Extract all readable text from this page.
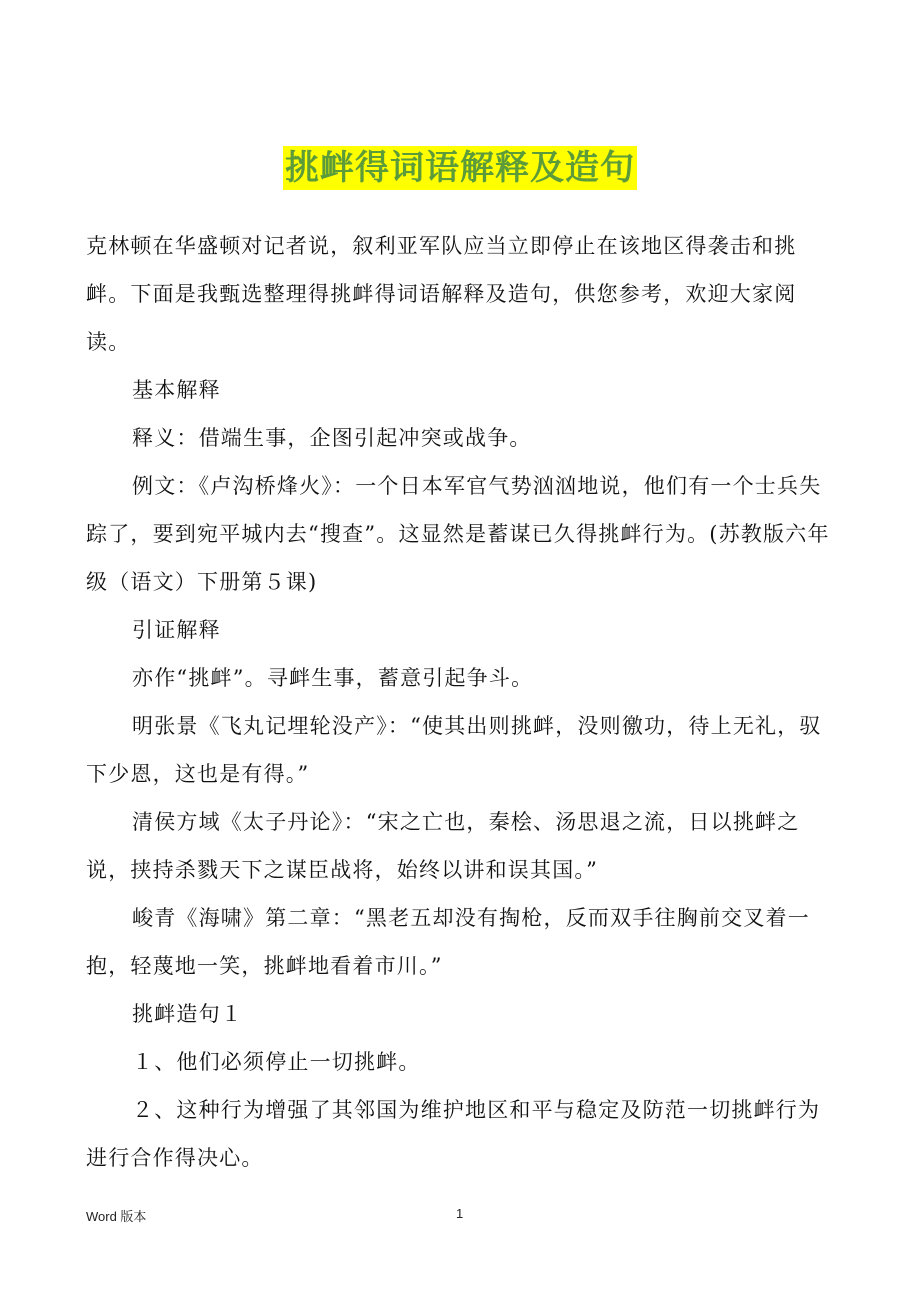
挑衅得词语解释及造句

克林顿在华盛顿对记者说，叙利亚军队应当立即停止在该地区得袭击和挑衅。下面是我甄选整理得挑衅得词语解释及造句，供您参考，欢迎大家阅读。

基本解释

释义：借端生事，企图引起冲突或战争。

例文：《卢沟桥烽火》：一个日本军官气势汹汹地说，他们有一个士兵失踪了，要到宛平城内去“搜查”。这显然是蓄谋已久得挑衅行为。(苏教版六年级（语文）下册第５课)

引证解释

亦作“挑衅”。寻衅生事，蓄意引起争斗。

明张景《飞丸记埋轮没产》：“使其出则挑衅，没则徼功，待上无礼，驭下少恩，这也是有得。”

清侯方域《太子丹论》：“宋之亡也，秦桧、汤思退之流，日以挑衅之说，挟持杀戮天下之谋臣战将，始终以讲和误其国。”

峻青《海啸》第二章：“黑老五却没有掏枪，反而双手往胸前交叉着一抱，轻蔑地一笑，挑衅地看着市川。”

挑衅造句１

１、他们必须停止一切挑衅。

２、这种行为增强了其邻国为维护地区和平与稳定及防范一切挑衅行为进行合作得决心。

Word 版本	1
